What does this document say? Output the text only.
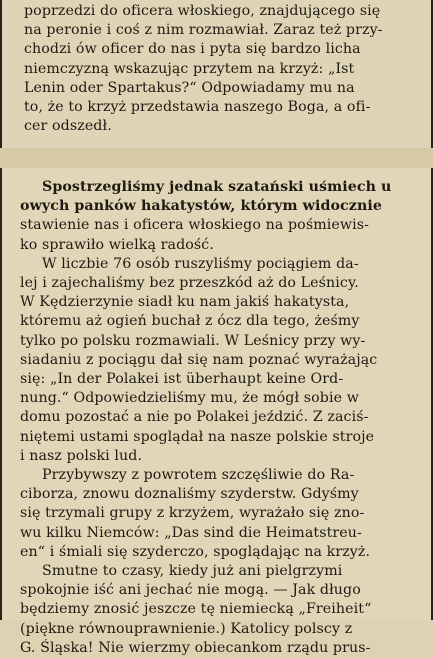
poprzedzi do oficera włoskiego, znajdującego się
na peronie i coś z nim rozmawiał. Zaraz też przy-
chodzi ów oficer do nas i pyta się bardzo licha
niemczyzną wskazując przytem na krzyż: „Ist
Lenin oder Spartakus?“ Odpowiadamy mu na
to, że to krzyż przedstawia naszego Boga, a ofi-
cer odszedł.

Spostrzegliśmy jednak szatański uśmiech u
owych panków hakatystów, którym widocznie
stawienie nas i oficera włoskiego na pośmiewis-
ko sprawiło wielką radość.

W liczbie 76 osób ruszyliśmy pociągiem da-
lej i zajechaliśmy bez przeszkód aż do Leśnicy.
W Kędzierzynie siadł ku nam jakiś hakatysta,
któremu aż ogień buchał z ócz dla tego, żeśmy
tylko po polsku rozmawiali. W Leśnicy przy wy-
siadaniu z pociągu dał się nam poznać wyrażając
się: „In der Polakei ist überhaupt keine Ord-
nung.“ Odpowiedzieliśmy mu, że mógł sobie w
domu pozostać a nie po Polakei jeździć. Z zaciś-
niętemi ustami spoglądał na nasze polskie stroje
i nasz polski lud.

Przybywszy z powrotem szczęśliwie do Ra-
ciborza, znowu doznaliśmy szyderstw. Gdyśmy
się trzymali grupy z krzyżem, wyrażało się zno-
wu kilku Niemców: „Das sind die Heimatstreu-
en“ i śmiali się szyderczo, spoglądając na krzyż.

Smutne to czasy, kiedy już ani pielgrzymi
spokojnie iść ani jechać nie mogą. — Jak długo
będziemy znosić jeszcze tę niemiecką „Freiheit“
(piękne równouprawnienie.) Katolicy polscy z
G. Śląska! Nie wierzmy obiecankom rządu prus-
